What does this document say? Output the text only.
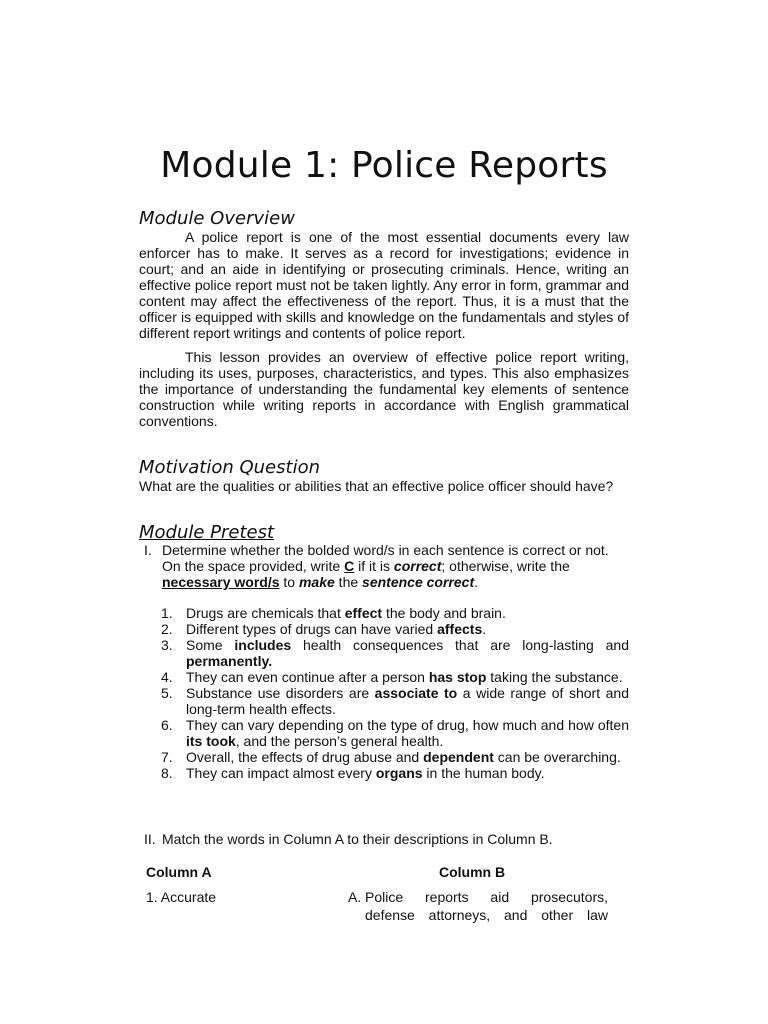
Module 1: Police Reports
Module Overview

A police report is one of the most essential documents every law enforcer has to make. It serves as a record for investigations; evidence in court; and an aide in identifying or prosecuting criminals. Hence, writing an effective police report must not be taken lightly. Any error in form, grammar and content may affect the effectiveness of the report. Thus, it is a must that the officer is equipped with skills and knowledge on the fundamentals and styles of different report writings and contents of police report.

This lesson provides an overview of effective police report writing, including its uses, purposes, characteristics, and types. This also emphasizes the importance of understanding the fundamental key elements of sentence construction while writing reports in accordance with English grammatical conventions.

Motivation Question
What are the qualities or abilities that an effective police officer should have?
Module Pretest
I. Determine whether the bolded word/s in each sentence is correct or not. On the space provided, write C if it is correct; otherwise, write the necessary word/s to make the sentence correct.
1. Drugs are chemicals that effect the body and brain.
2. Different types of drugs can have varied affects.
3. Some includes health consequences that are long-lasting and permanently.
4. They can even continue after a person has stop taking the substance.
5. Substance use disorders are associate to a wide range of short and long-term health effects.
6. They can vary depending on the type of drug, how much and how often its took, and the person’s general health.
7. Overall, the effects of drug abuse and dependent can be overarching.
8. They can impact almost every organs in the human body.
II. Match the words in Column A to their descriptions in Column B.
Column A	Column B
1. Accurate	A. Police reports aid prosecutors,
defense attorneys, and other law
